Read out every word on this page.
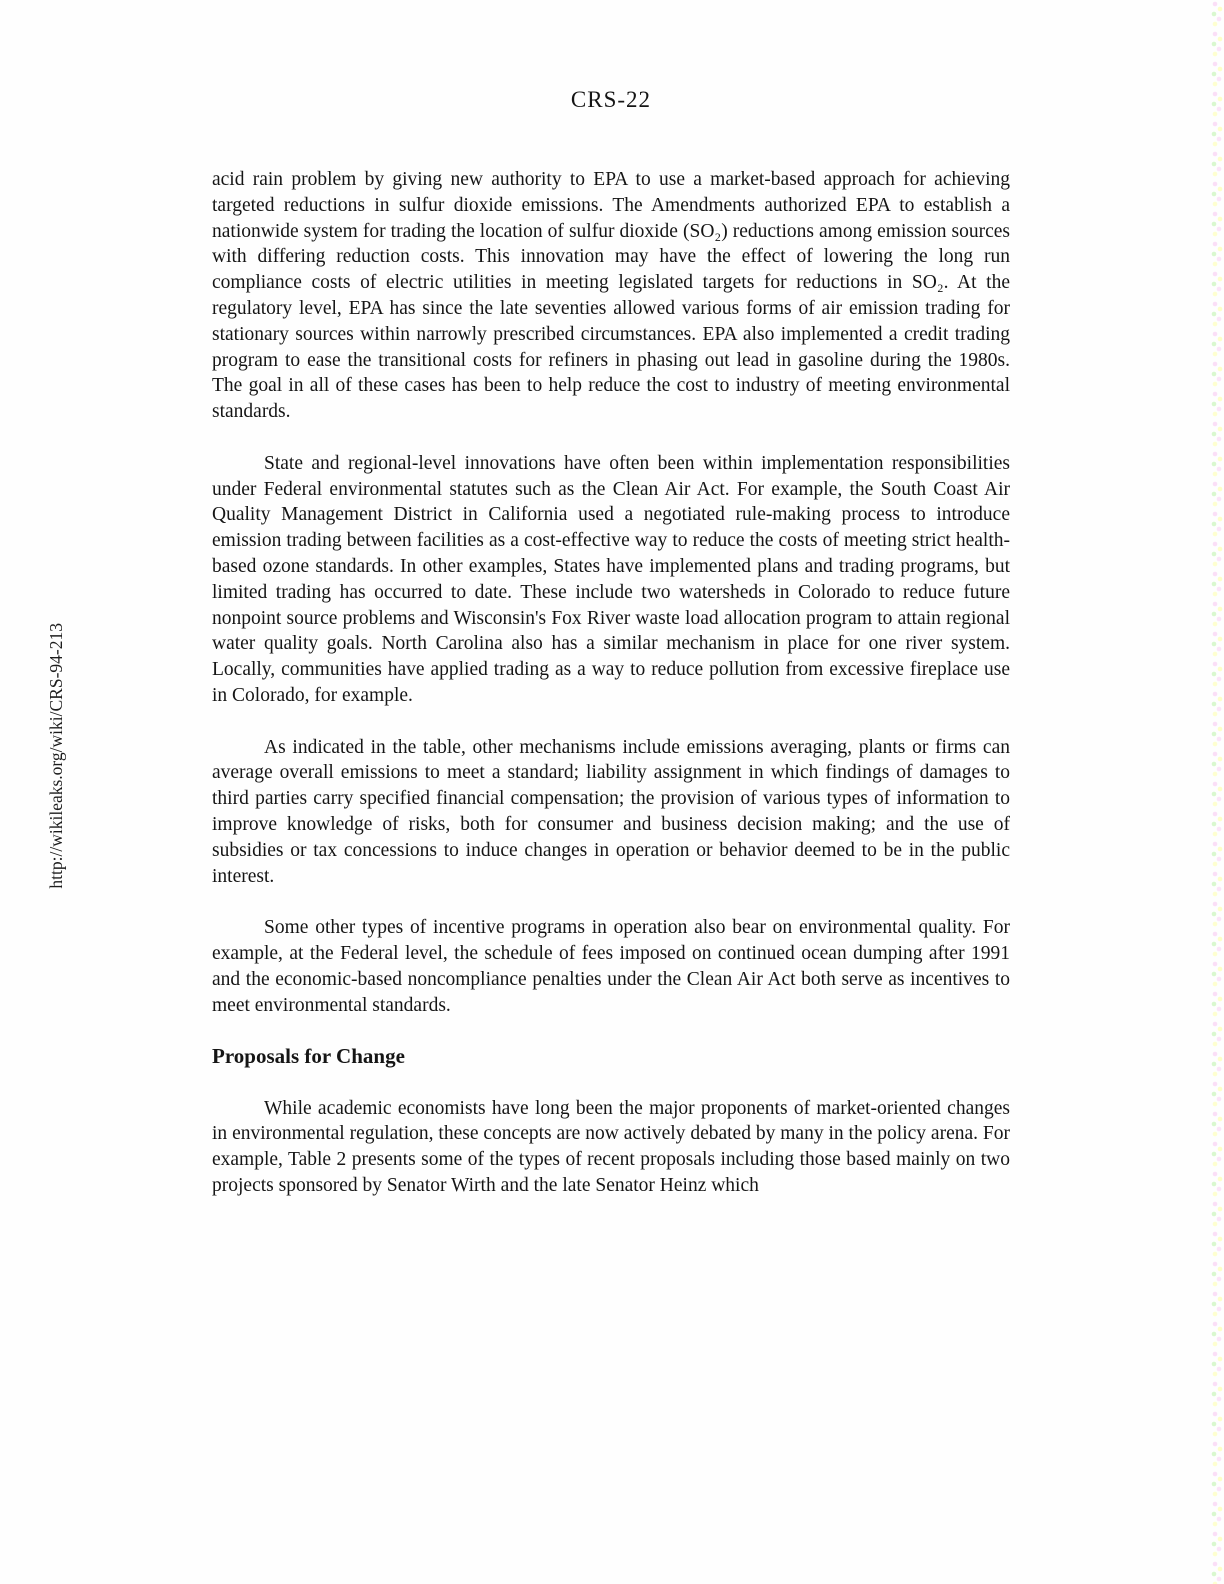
CRS-22
http://wikileaks.org/wiki/CRS-94-213

acid rain problem by giving new authority to EPA to use a market-based approach for achieving targeted reductions in sulfur dioxide emissions. The Amendments authorized EPA to establish a nationwide system for trading the location of sulfur dioxide (SO₂) reductions among emission sources with differing reduction costs. This innovation may have the effect of lowering the long run compliance costs of electric utilities in meeting legislated targets for reductions in SO₂. At the regulatory level, EPA has since the late seventies allowed various forms of air emission trading for stationary sources within narrowly prescribed circumstances. EPA also implemented a credit trading program to ease the transitional costs for refiners in phasing out lead in gasoline during the 1980s. The goal in all of these cases has been to help reduce the cost to industry of meeting environmental standards.

State and regional-level innovations have often been within implementation responsibilities under Federal environmental statutes such as the Clean Air Act. For example, the South Coast Air Quality Management District in California used a negotiated rule-making process to introduce emission trading between facilities as a cost-effective way to reduce the costs of meeting strict health-based ozone standards. In other examples, States have implemented plans and trading programs, but limited trading has occurred to date. These include two watersheds in Colorado to reduce future nonpoint source problems and Wisconsin's Fox River waste load allocation program to attain regional water quality goals. North Carolina also has a similar mechanism in place for one river system. Locally, communities have applied trading as a way to reduce pollution from excessive fireplace use in Colorado, for example.

As indicated in the table, other mechanisms include emissions averaging, plants or firms can average overall emissions to meet a standard; liability assignment in which findings of damages to third parties carry specified financial compensation; the provision of various types of information to improve knowledge of risks, both for consumer and business decision making; and the use of subsidies or tax concessions to induce changes in operation or behavior deemed to be in the public interest.

Some other types of incentive programs in operation also bear on environmental quality. For example, at the Federal level, the schedule of fees imposed on continued ocean dumping after 1991 and the economic-based noncompliance penalties under the Clean Air Act both serve as incentives to meet environmental standards.

Proposals for Change

While academic economists have long been the major proponents of market-oriented changes in environmental regulation, these concepts are now actively debated by many in the policy arena. For example, Table 2 presents some of the types of recent proposals including those based mainly on two projects sponsored by Senator Wirth and the late Senator Heinz which
